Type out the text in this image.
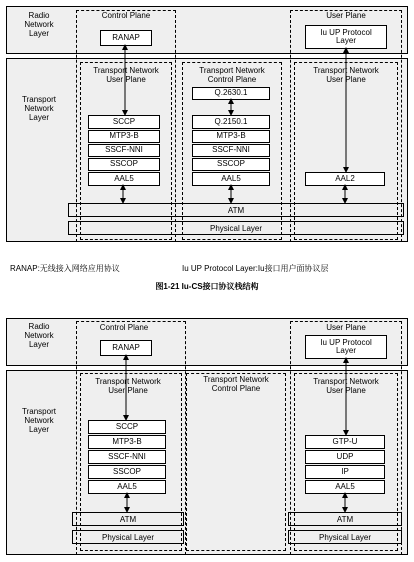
Radio
Network
Layer
Transport
Network
Layer
Control Plane	User Plane
RANAP
Iu UP Protocol
Layer
Transport Network
User Plane
Transport Network
Control Plane
Transport Network
User Plane
SCCP
MTP3-B
SSCF-NNI
SSCOP
AAL5
Q.2630.1
Q.2150.1
MTP3-B
SSCF-NNI
SSCOP
AAL5	AAL2
ATM
Physical Layer
RANAP:无线接入网络应用协议	Iu UP Protocol Layer:Iu接口用户面协议层
图1-21 Iu-CS接口协议栈结构
Radio
Network
Layer
Transport
Network
Layer
Control Plane	User Plane
RANAP
Iu UP Protocol
Layer
Transport Network
User Plane
Transport Network
Control Plane
Transport Network
User Plane
SCCP
MTP3-B
SSCF-NNI
SSCOP
AAL5
GTP-U
UDP
IP
AAL5
ATM
Physical Layer
ATM
Physical Layer
